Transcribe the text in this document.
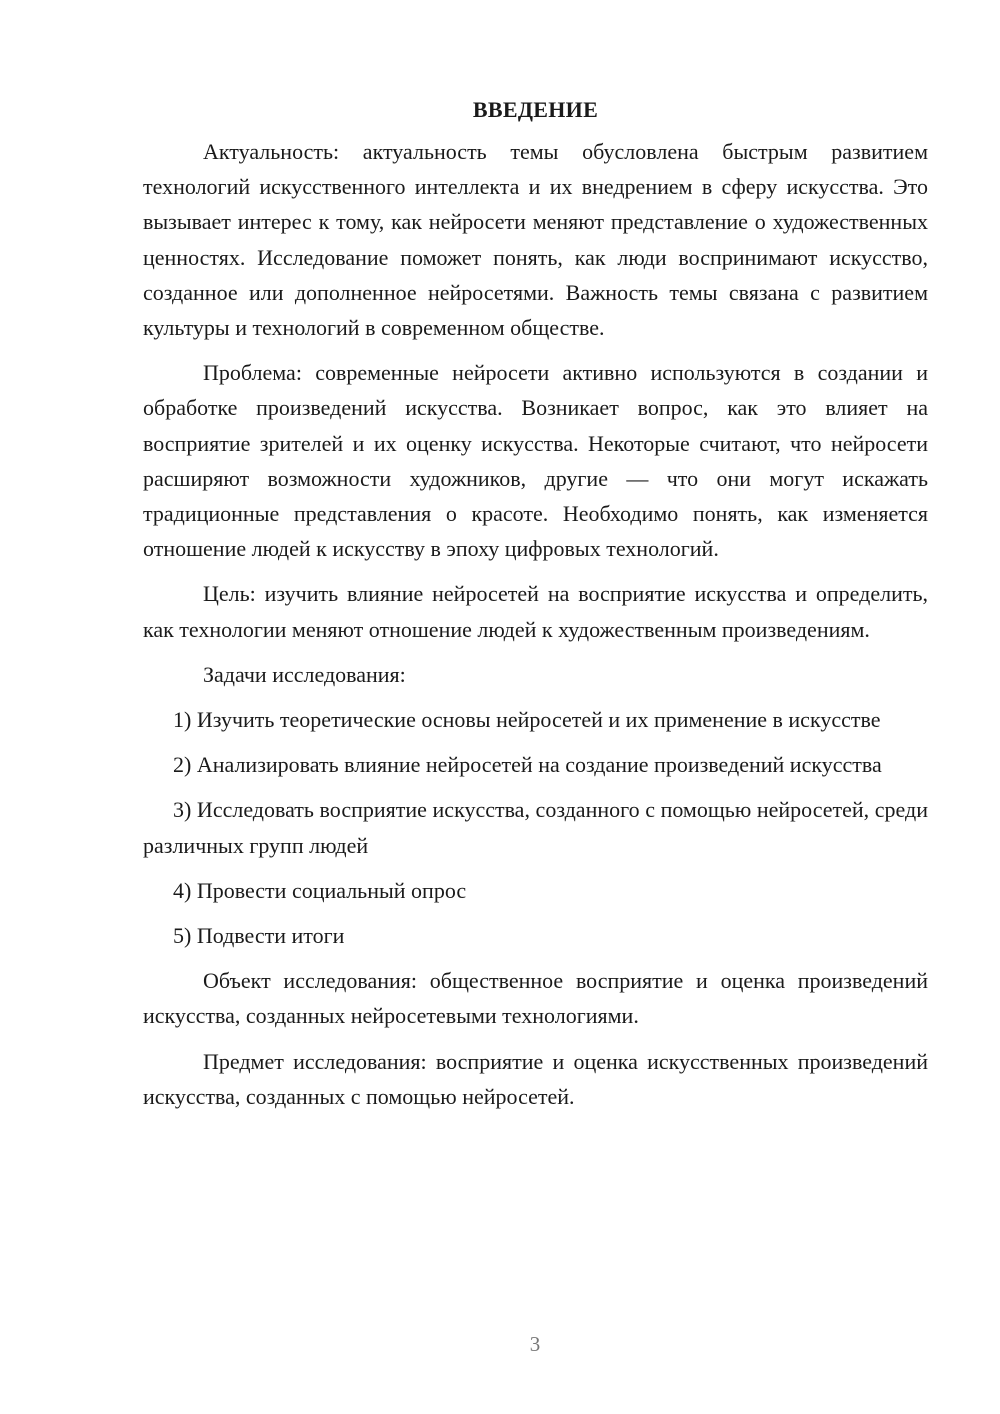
ВВЕДЕНИЕ

Актуальность: актуальность темы обусловлена быстрым развитием технологий искусственного интеллекта и их внедрением в сферу искусства. Это вызывает интерес к тому, как нейросети меняют представление о художественных ценностях. Исследование поможет понять, как люди воспринимают искусство, созданное или дополненное нейросетями. Важность темы связана с развитием культуры и технологий в современном обществе.

Проблема: современные нейросети активно используются в создании и обработке произведений искусства. Возникает вопрос, как это влияет на восприятие зрителей и их оценку искусства. Некоторые считают, что нейросети расширяют возможности художников, другие — что они могут искажать традиционные представления о красоте. Необходимо понять, как изменяется отношение людей к искусству в эпоху цифровых технологий.

Цель: изучить влияние нейросетей на восприятие искусства и определить, как технологии меняют отношение людей к художественным произведениям.

Задачи исследования:

1) Изучить теоретические основы нейросетей и их применение в искусстве

2) Анализировать влияние нейросетей на создание произведений искусства

3) Исследовать восприятие искусства, созданного с помощью нейросетей, среди различных групп людей

4) Провести социальный опрос

5) Подвести итоги

Объект исследования: общественное восприятие и оценка произведений искусства, созданных нейросетевыми технологиями.

Предмет исследования: восприятие и оценка искусственных произведений искусства, созданных с помощью нейросетей.

3
